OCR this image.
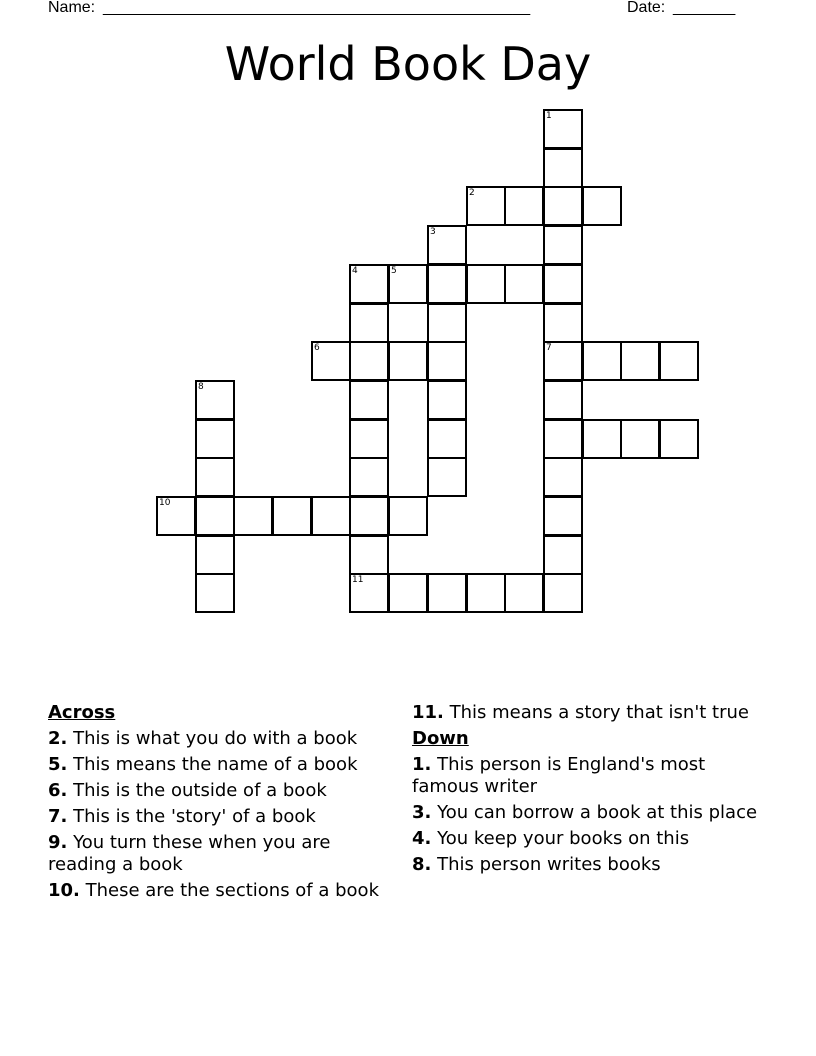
Name: ________________________________________________	Date: _______
World Book Day
1
7
2
3
4
11
5
6
8
10
Across
2. This is what you do with a book
5. This means the name of a book
6. This is the outside of a book
7. This is the 'story' of a book
9. You turn these when you are reading a book
10. These are the sections of a book
11. This means a story that isn't true
Down
1. This person is England's most famous writer
3. You can borrow a book at this place
4. You keep your books on this
8. This person writes books
